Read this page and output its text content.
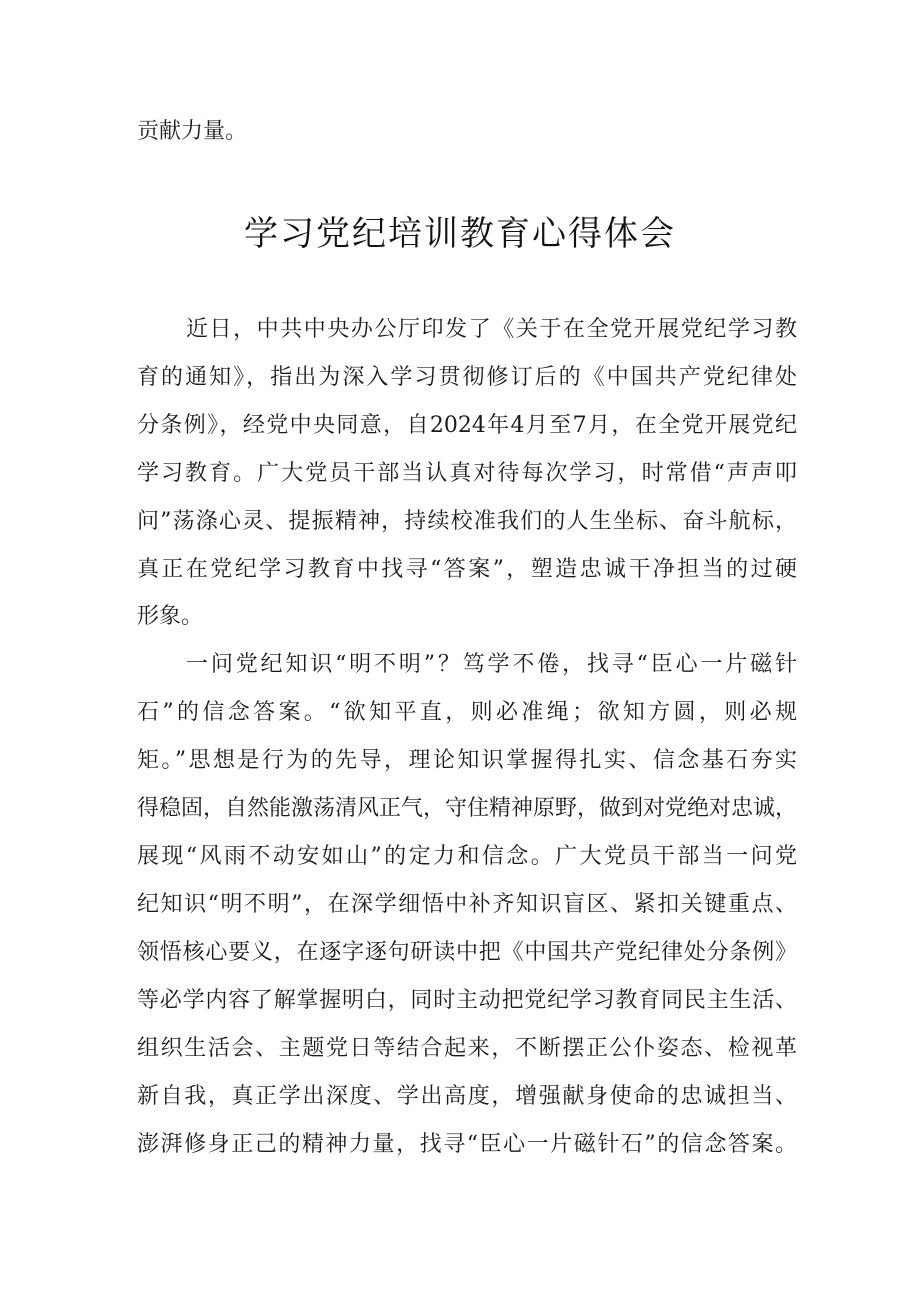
贡献力量。
学习党纪培训教育心得体会
近日，中共中央办公厅印发了《关于在全党开展党纪学习教
育的通知》，指出为深入学习贯彻修订后的《中国共产党纪律处
分条例》，经党中央同意，自2024年4月至7月，在全党开展党纪
学习教育。广大党员干部当认真对待每次学习，时常借“声声叩
问”荡涤心灵、提振精神，持续校准我们的人生坐标、奋斗航标，
真正在党纪学习教育中找寻“答案”，塑造忠诚干净担当的过硬
形象。
一问党纪知识“明不明”？笃学不倦，找寻“臣心一片磁针
石”的信念答案。“欲知平直，则必准绳；欲知方圆，则必规
矩。”思想是行为的先导，理论知识掌握得扎实、信念基石夯实
得稳固，自然能激荡清风正气，守住精神原野，做到对党绝对忠诚，
展现“风雨不动安如山”的定力和信念。广大党员干部当一问党
纪知识“明不明”，在深学细悟中补齐知识盲区、紧扣关键重点、
领悟核心要义，在逐字逐句研读中把《中国共产党纪律处分条例》
等必学内容了解掌握明白，同时主动把党纪学习教育同民主生活、
组织生活会、主题党日等结合起来，不断摆正公仆姿态、检视革
新自我，真正学出深度、学出高度，增强献身使命的忠诚担当、
澎湃修身正己的精神力量，找寻“臣心一片磁针石”的信念答案。
